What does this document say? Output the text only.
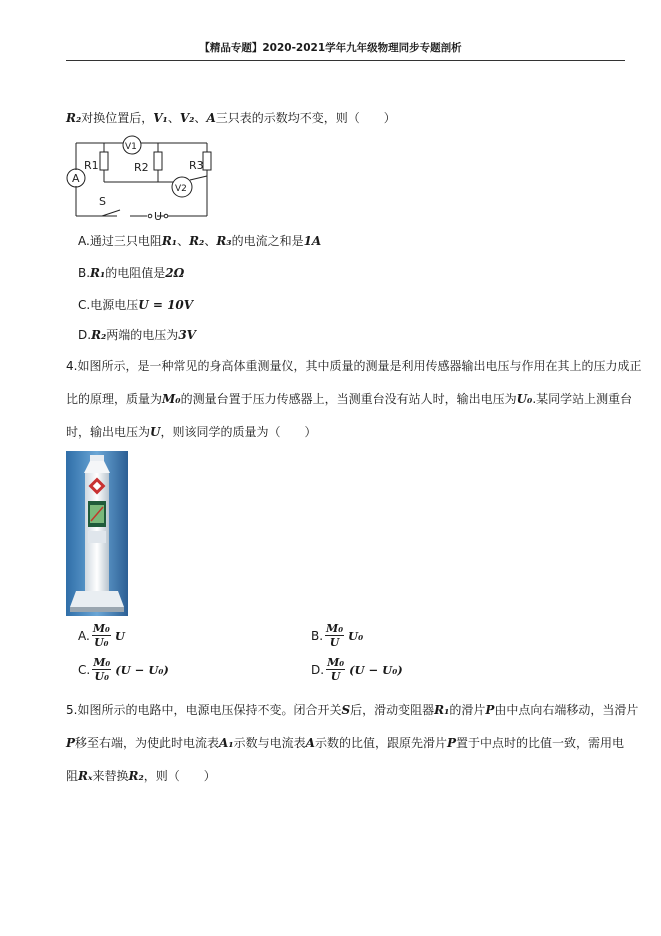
【精品专题】2020-2021学年九年级物理同步专题剖析
R₂对换位置后，V₁、V₂、A三只表的示数均不变，则（　　）
A
V1
V2
R1	R2	R3
S
U
A.通过三只电阻R₁、R₂、R₃的电流之和是1A
B.R₁的电阻值是2Ω
C.电源电压U = 10V
D.R₂两端的电压为3V
4.如图所示，是一种常见的身高体重测量仪，其中质量的测量是利用传感器输出电压与作用在其上的压力成正
比的原理，质量为M₀的测量台置于压力传感器上，当测重台没有站人时，输出电压为U₀.某同学站上测重台
时，输出电压为U，则该同学的质量为（　　）
A. $\frac{\text{M₀}}{\text{U₀}}$ U	B. $\frac{\text{M₀}}{U} U_0$
C. $\frac{\text{M₀}}{\text{U₀}} (U - U_0)$	D. $\frac{\text{M₀}}{U} (U - U_0)$
5.如图所示的电路中，电源电压保持不变。闭合开关S后，滑动变阻器R₁的滑片P由中点向右端移动，当滑片
P移至右端，为使此时电流表A₁示数与电流表A示数的比值，跟原先滑片P置于中点时的比值一致，需用电
阻Rₓ来替换R₂，则（　　）
